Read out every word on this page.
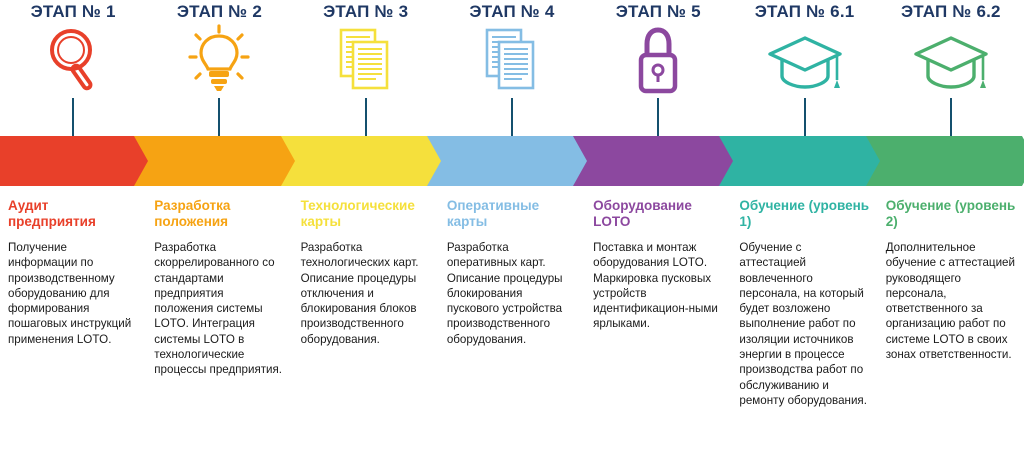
ЭТАП № 1
Аудит предприятия
Получение информации по производственному оборудованию для формирования пошаговых инструкций применения LOTO.
ЭТАП № 2
Разработка положения
Разработка скоррелированного со стандартами предприятия положения системы LOTO. Интеграция системы LOTO в технологические процессы предприятия.
ЭТАП № 3
Технологические карты
Разработка технологических карт. Описание процедуры отключения и блокирования блоков производственного оборудования.
ЭТАП № 4
Оперативные карты
Разработка оперативных карт. Описание процедуры блокирования пускового устройства производственного оборудования.
ЭТАП № 5
Оборудование LOTO
Поставка и монтаж оборудования LOTO. Маркировка пусковых устройств идентификацион-ными ярлыками.
ЭТАП № 6.1
Обучение (уровень 1)
Обучение с аттестацией вовлеченного персонала, на который будет возложено выполнение работ по изоляции источников энергии в процессе производства работ по обслуживанию и ремонту оборудования.
ЭТАП № 6.2
Обучение (уровень 2)
Дополнительное обучение с аттестацией руководящего персонала, ответственного за организацию работ по системе LOTO в своих зонах ответственности.
